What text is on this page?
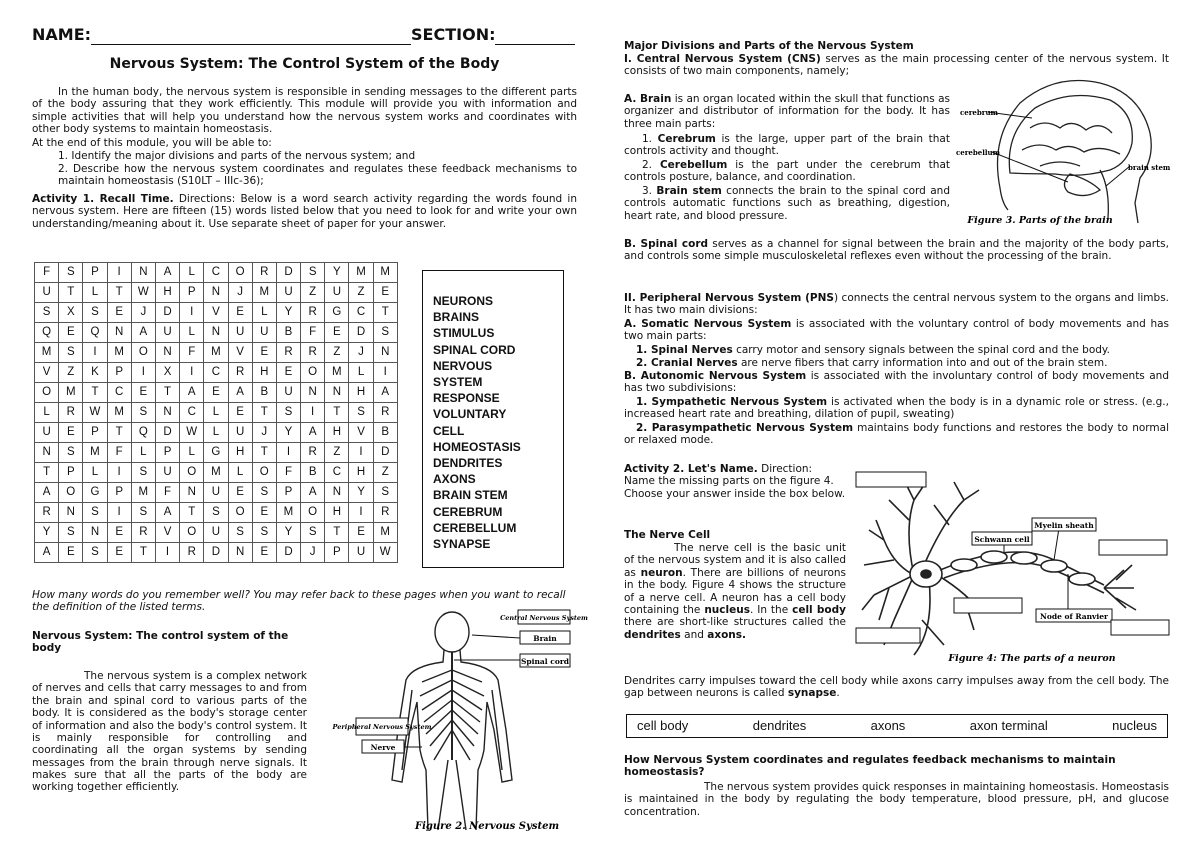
NAME:	SECTION:
Nervous System: The Control System of the Body
In the human body, the nervous system is responsible in sending messages to the different parts of the body assuring that they work efficiently. This module will provide you with information and simple activities that will help you understand how the nervous system works and coordinates with other body systems to maintain homeostasis.
At the end of this module, you will be able to:
1. Identify the major divisions and parts of the nervous system; and
2. Describe how the nervous system coordinates and regulates these feedback mechanisms to maintain homeostasis (S10LT – IIIc-36);
Activity 1. Recall Time. Directions: Below is a word search activity regarding the words found in nervous system. Here are fifteen (15) words listed below that you need to look for and write your own understanding/meaning about it. Use separate sheet of paper for your answer.
F	S	P	I	N	A	L	C	O	R	D	S	Y	M	M
U	T	L	T	W	H	P	N	J	M	U	Z	U	Z	E
S	X	S	E	J	D	I	V	E	L	Y	R	G	C	T
Q	E	Q	N	A	U	L	N	U	U	B	F	E	D	S
M	S	I	M	O	N	F	M	V	E	R	R	Z	J	N
V	Z	K	P	I	X	I	C	R	H	E	O	M	L	I
O	M	T	C	E	T	A	E	A	B	U	N	N	H	A
L	R	W	M	S	N	C	L	E	T	S	I	T	S	R
U	E	P	T	Q	D	W	L	U	J	Y	A	H	V	B
N	S	M	F	L	P	L	G	H	T	I	R	Z	I	D
T	P	L	I	S	U	O	M	L	O	F	B	C	H	Z
A	O	G	P	M	F	N	U	E	S	P	A	N	Y	S
R	N	S	I	S	A	T	S	O	E	M	O	H	I	R
Y	S	N	E	R	V	O	U	S	S	Y	S	T	E	M
A	E	S	E	T	I	R	D	N	E	D	J	P	U	W
NEURONS
BRAINS
STIMULUS
SPINAL CORD
NERVOUS
SYSTEM
RESPONSE
VOLUNTARY
CELL
HOMEOSTASIS
DENDRITES
AXONS
BRAIN STEM
CEREBRUM
CEREBELLUM
SYNAPSE
How many words do you remember well? You may refer back to these pages when you want to recall the definition of the listed terms.
Nervous System: The control system of the body
The nervous system is a complex network of nerves and cells that carry messages to and from the brain and spinal cord to various parts of the body. It is considered as the body's storage center of information and also the body's control system. It is mainly responsible for controlling and coordinating all the organ systems by sending messages from the brain through nerve signals. It makes sure that all the parts of the body are working together efficiently.
Central Nervous System
Brain
Spinal cord
Peripheral Nervous System
Nerve
Figure 2. Nervous System
Major Divisions and Parts of the Nervous System
I. Central Nervous System (CNS) serves as the main processing center of the nervous system. It consists of two main components, namely;
A. Brain is an organ located within the skull that functions as organizer and distributor of information for the body. It has three main parts:
1. Cerebrum is the large, upper part of the brain that controls activity and thought.
2. Cerebellum is the part under the cerebrum that controls posture, balance, and coordination.
3. Brain stem connects the brain to the spinal cord and controls automatic functions such as breathing, digestion, heart rate, and blood pressure.
cerebrum
cerebellum
brain stem
Figure 3. Parts of the brain
B. Spinal cord serves as a channel for signal between the brain and the majority of the body parts, and controls some simple musculoskeletal reflexes even without the processing of the brain.
II. Peripheral Nervous System (PNS) connects the central nervous system to the organs and limbs. It has two main divisions:
A. Somatic Nervous System is associated with the voluntary control of body movements and has two main parts:
1. Spinal Nerves carry motor and sensory signals between the spinal cord and the body.
2. Cranial Nerves are nerve fibers that carry information into and out of the brain stem.
B. Autonomic Nervous System is associated with the involuntary control of body movements and has two subdivisions:
1. Sympathetic Nervous System is activated when the body is in a dynamic role or stress. (e.g., increased heart rate and breathing, dilation of pupil, sweating)
2. Parasympathetic Nervous System maintains body functions and restores the body to normal or relaxed mode.
Activity 2. Let's Name. Direction: Name the missing parts on the figure 4. Choose your answer inside the box below.
The Nerve Cell
The nerve cell is the basic unit of the nervous system and it is also called as neuron. There are billions of neurons in the body. Figure 4 shows the structure of a nerve cell. A neuron has a cell body containing the nucleus. In the cell body there are short-like structures called the dendrites and axons.
Dendrites carry impulses toward the cell body while axons carry impulses away from the cell body. The gap between neurons is called synapse.
Schwann cell
Myelin sheath
Node of Ranvier
Figure 4: The parts of a neuron
cell body	dendrites	axons	axon terminal	nucleus
How Nervous System coordinates and regulates feedback mechanisms to maintain homeostasis?
The nervous system provides quick responses in maintaining homeostasis. Homeostasis is maintained in the body by regulating the body temperature, blood pressure, pH, and glucose concentration.
